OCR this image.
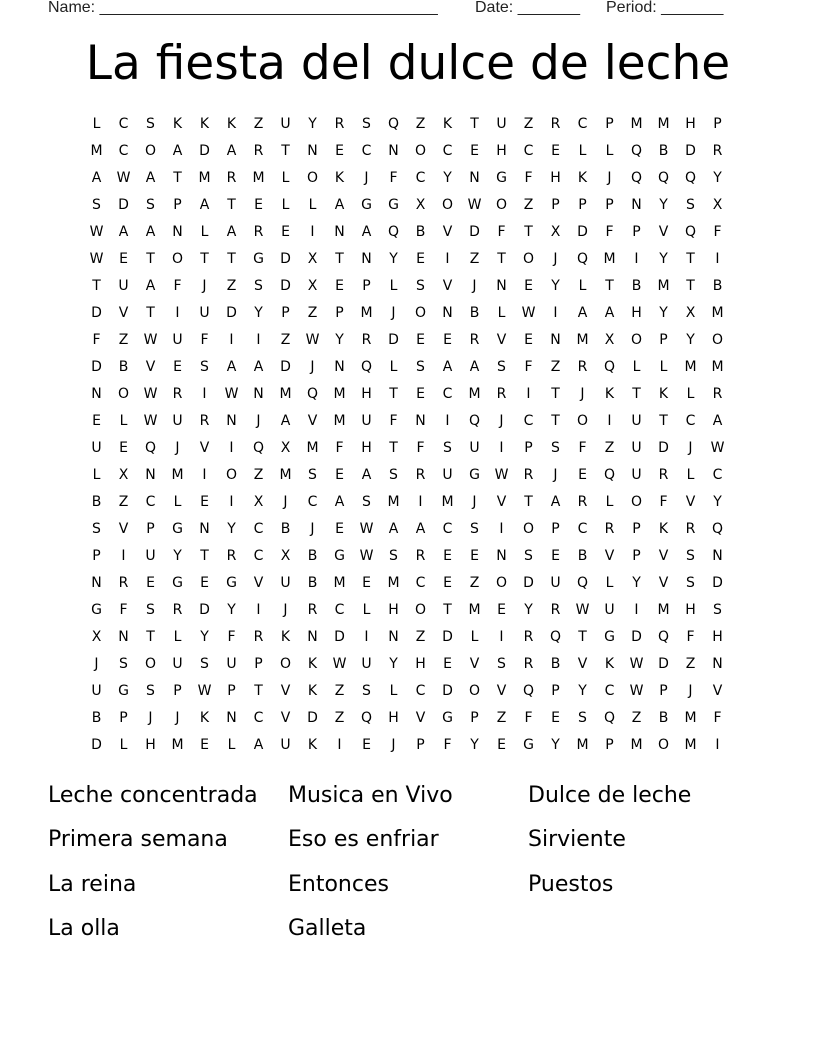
Name: ______________________________________

Date: _______

Period: _______

La fiesta del dulce de leche
L	C	S	K	K	K	Z	U	Y	R	S	Q	Z	K	T	U	Z	R	C	P	M	M	H	P
M	C	O	A	D	A	R	T	N	E	C	N	O	C	E	H	C	E	L	L	Q	B	D	R
A	W	A	T	M	R	M	L	O	K	J	F	C	Y	N	G	F	H	K	J	Q	Q	Q	Y
S	D	S	P	A	T	E	L	L	A	G	G	X	O	W	O	Z	P	P	P	N	Y	S	X
W	A	A	N	L	A	R	E	I	N	A	Q	B	V	D	F	T	X	D	F	P	V	Q	F
W	E	T	O	T	T	G	D	X	T	N	Y	E	I	Z	T	O	J	Q	M	I	Y	T	I
T	U	A	F	J	Z	S	D	X	E	P	L	S	V	J	N	E	Y	L	T	B	M	T	B
D	V	T	I	U	D	Y	P	Z	P	M	J	O	N	B	L	W	I	A	A	H	Y	X	M
F	Z	W	U	F	I	I	Z	W	Y	R	D	E	E	R	V	E	N	M	X	O	P	Y	O
D	B	V	E	S	A	A	D	J	N	Q	L	S	A	A	S	F	Z	R	Q	L	L	M	M
N	O	W	R	I	W	N	M	Q	M	H	T	E	C	M	R	I	T	J	K	T	K	L	R
E	L	W	U	R	N	J	A	V	M	U	F	N	I	Q	J	C	T	O	I	U	T	C	A
U	E	Q	J	V	I	Q	X	M	F	H	T	F	S	U	I	P	S	F	Z	U	D	J	W
L	X	N	M	I	O	Z	M	S	E	A	S	R	U	G	W	R	J	E	Q	U	R	L	C
B	Z	C	L	E	I	X	J	C	A	S	M	I	M	J	V	T	A	R	L	O	F	V	Y
S	V	P	G	N	Y	C	B	J	E	W	A	A	C	S	I	O	P	C	R	P	K	R	Q
P	I	U	Y	T	R	C	X	B	G	W	S	R	E	E	N	S	E	B	V	P	V	S	N
N	R	E	G	E	G	V	U	B	M	E	M	C	E	Z	O	D	U	Q	L	Y	V	S	D
G	F	S	R	D	Y	I	J	R	C	L	H	O	T	M	E	Y	R	W	U	I	M	H	S
X	N	T	L	Y	F	R	K	N	D	I	N	Z	D	L	I	R	Q	T	G	D	Q	F	H
J	S	O	U	S	U	P	O	K	W	U	Y	H	E	V	S	R	B	V	K	W	D	Z	N
U	G	S	P	W	P	T	V	K	Z	S	L	C	D	O	V	Q	P	Y	C	W	P	J	V
B	P	J	J	K	N	C	V	D	Z	Q	H	V	G	P	Z	F	E	S	Q	Z	B	M	F
D	L	H	M	E	L	A	U	K	I	E	J	P	F	Y	E	G	Y	M	P	M	O	M	I
Leche concentrada	Musica en Vivo	Dulce de leche
Primera semana	Eso es enfriar	Sirviente
La reina	Entonces	Puestos
La olla	Galleta
